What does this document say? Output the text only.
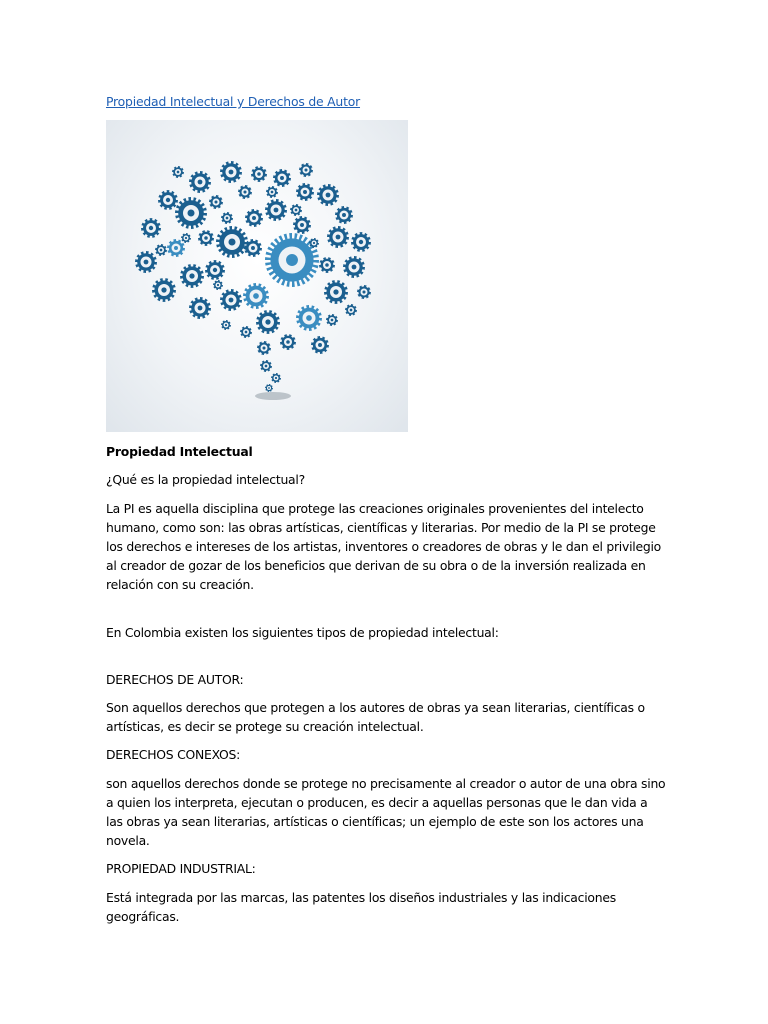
Propiedad Intelectual y Derechos de Autor
Propiedad Intelectual

¿Qué es la propiedad intelectual?

La PI es aquella disciplina que protege las creaciones originales provenientes del intelecto humano, como son: las obras artísticas, científicas y literarias. Por medio de la PI se protege los derechos e intereses de los artistas, inventores o creadores de obras y le dan el privilegio al creador de gozar de los beneficios que derivan de su obra o de la inversión realizada en relación con su creación.

En Colombia existen los siguientes tipos de propiedad intelectual:

DERECHOS DE AUTOR:

Son aquellos derechos que protegen a los autores de obras ya sean literarias, científicas o artísticas, es decir se protege su creación intelectual.

DERECHOS CONEXOS:

son aquellos derechos donde se protege no precisamente al creador o autor de una obra sino a quien los interpreta, ejecutan o producen, es decir a aquellas personas que le dan vida a las obras ya sean literarias, artísticas o científicas; un ejemplo de este son los actores una novela.

PROPIEDAD INDUSTRIAL:

Está integrada por las marcas, las patentes los diseños industriales y las indicaciones geográficas.
